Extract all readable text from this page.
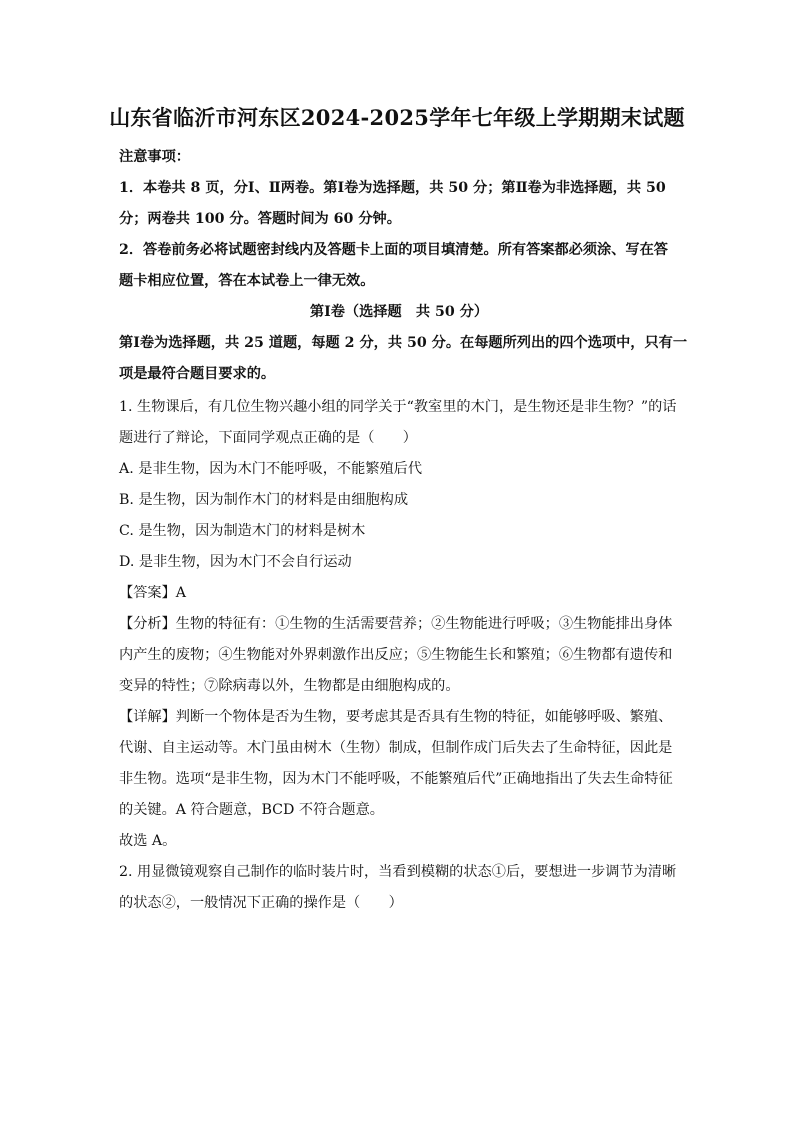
山东省临沂市河东区2024-2025学年七年级上学期期末试题
注意事项：
1．本卷共 8 页，分Ⅰ、Ⅱ两卷。第Ⅰ卷为选择题，共 50 分；第Ⅱ卷为非选择题，共 50
分；两卷共 100 分。答题时间为 60 分钟。
2．答卷前务必将试题密封线内及答题卡上面的项目填清楚。所有答案都必须涂、写在答
题卡相应位置，答在本试卷上一律无效。
第Ⅰ卷（选择题　共 50 分）
第Ⅰ卷为选择题，共 25 道题，每题 2 分，共 50 分。在每题所列出的四个选项中，只有一
项是最符合题目要求的。
1. 生物课后，有几位生物兴趣小组的同学关于“教室里的木门，是生物还是非生物？”的话
题进行了辩论，下面同学观点正确的是（　　）
A. 是非生物，因为木门不能呼吸，不能繁殖后代
B. 是生物，因为制作木门的材料是由细胞构成
C. 是生物，因为制造木门的材料是树木
D. 是非生物，因为木门不会自行运动
【答案】A
【分析】生物的特征有：①生物的生活需要营养；②生物能进行呼吸；③生物能排出身体
内产生的废物；④生物能对外界刺激作出反应；⑤生物能生长和繁殖；⑥生物都有遗传和
变异的特性；⑦除病毒以外，生物都是由细胞构成的。
【详解】判断一个物体是否为生物，要考虑其是否具有生物的特征，如能够呼吸、繁殖、
代谢、自主运动等。木门虽由树木（生物）制成，但制作成门后失去了生命特征，因此是
非生物。选项“是非生物，因为木门不能呼吸，不能繁殖后代”正确地指出了失去生命特征
的关键。A 符合题意，BCD 不符合题意。
故选 A。
2. 用显微镜观察自己制作的临时装片时，当看到模糊的状态①后，要想进一步调节为清晰
的状态②，一般情况下正确的操作是（　　）
